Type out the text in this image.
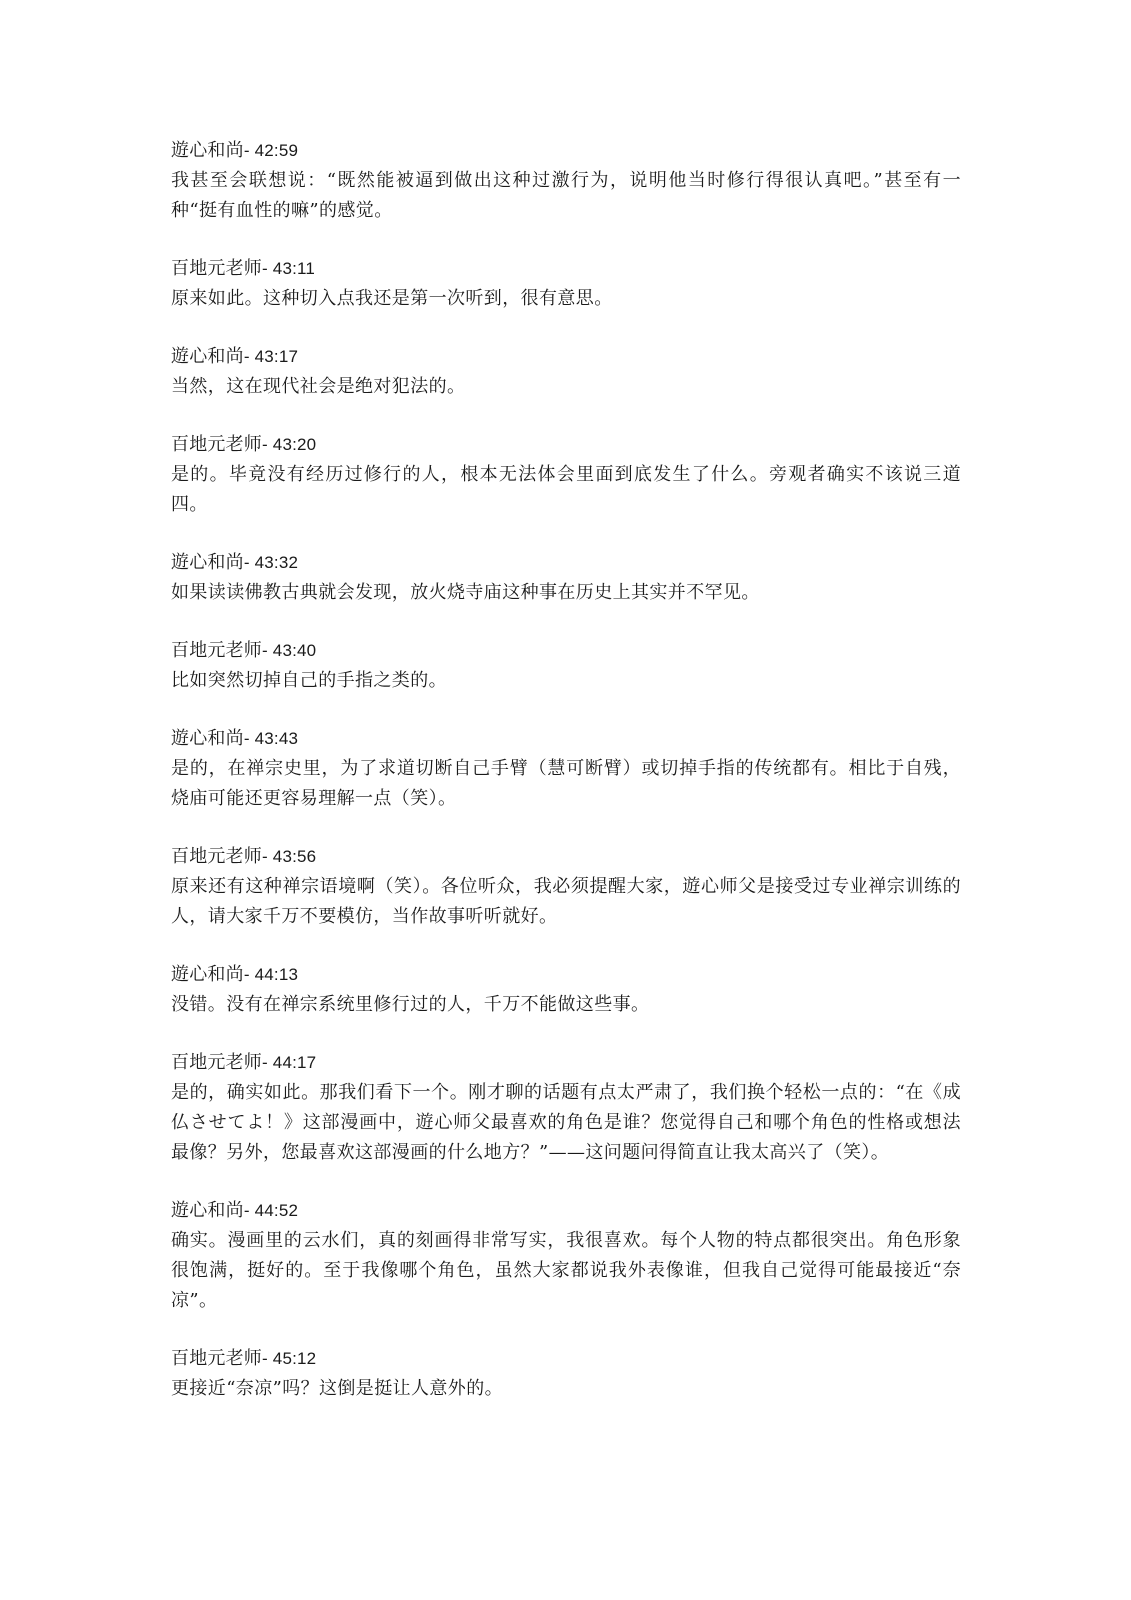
遊心和尚- 42:59
我甚至会联想说：“既然能被逼到做出这种过激行为，说明他当时修行得很认真吧。”甚至有一种“挺有血性的嘛”的感觉。
百地元老师- 43:11
原来如此。这种切入点我还是第一次听到，很有意思。
遊心和尚- 43:17
当然，这在现代社会是绝对犯法的。
百地元老师- 43:20
是的。毕竟没有经历过修行的人，根本无法体会里面到底发生了什么。旁观者确实不该说三道四。
遊心和尚- 43:32
如果读读佛教古典就会发现，放火烧寺庙这种事在历史上其实并不罕见。
百地元老师- 43:40
比如突然切掉自己的手指之类的。
遊心和尚- 43:43
是的，在禅宗史里，为了求道切断自己手臂（慧可断臂）或切掉手指的传统都有。相比于自残，烧庙可能还更容易理解一点（笑）。
百地元老师- 43:56
原来还有这种禅宗语境啊（笑）。各位听众，我必须提醒大家，遊心师父是接受过专业禅宗训练的人，请大家千万不要模仿，当作故事听听就好。
遊心和尚- 44:13
没错。没有在禅宗系统里修行过的人，千万不能做这些事。
百地元老师- 44:17
是的，确实如此。那我们看下一个。刚才聊的话题有点太严肃了，我们换个轻松一点的：“在《成仏させてよ！》这部漫画中，遊心师父最喜欢的角色是谁？您觉得自己和哪个角色的性格或想法最像？另外，您最喜欢这部漫画的什么地方？”——这问题问得简直让我太高兴了（笑）。
遊心和尚- 44:52
确实。漫画里的云水们，真的刻画得非常写实，我很喜欢。每个人物的特点都很突出。角色形象很饱满，挺好的。至于我像哪个角色，虽然大家都说我外表像谁，但我自己觉得可能最接近“奈凉”。
百地元老师- 45:12
更接近“奈凉”吗？这倒是挺让人意外的。
